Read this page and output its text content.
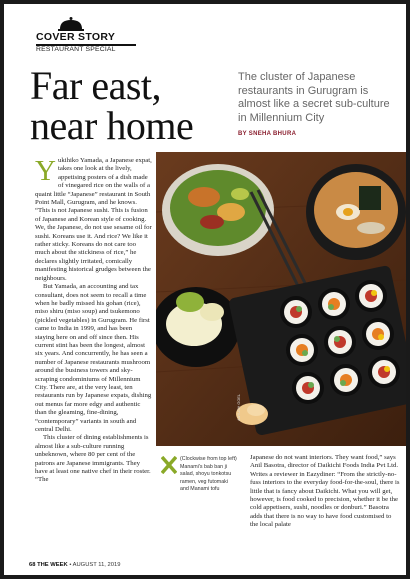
COVER STORY
RESTAURANT SPECIAL
Far east,
near home
The cluster of Japanese restaurants in Gurugram is almost like a secret sub-culture in Millennium City
BY SNEHA BHURA

Yukihiko Yamada, a Japanese expat, takes one look at the lively, appetising posters of a dish made of vinegared rice on the walls of a quaint little “Japanese” restaurant in South Point Mall, Gurugram, and he knows. “This is not Japanese sushi. This is fusion of Japanese and Korean style of cooking. We, the Japanese, do not use sesame oil for sushi. Koreans use it. And rice? We like it rather sticky. Koreans do not care too much about the stickiness of rice,” he declares slightly irritated, comically manifesting historical grudges between the neighbours.

But Yamada, an accounting and tax consultant, does not seem to recall a time when he badly missed his gohan (rice), miso shiru (miso soup) and tsukemono (pickled vegetables) in Gurugram. He first came to India in 1999, and has been staying here on and off since then. His current stint has been the longest, almost six years. And concurrently, he has seen a number of Japanese restaurants mushroom around the business towers and sky-scraping condominiums of Millennium City. There are, at the very least, ten restaurants run by Japanese expats, dishing out menus far more edgy and authentic than the gleaming, fine-dining, “contemporary” variants in south and central Delhi.

This cluster of dining establishments is almost like a sub-culture running unbeknown, where 80 per cent of the patrons are Japanese immigrants. They have at least one native chef in their roster. “The

AAYUSH GOEL
(Clockwise from top left) Manami's bab ban ji salad, shoyu tonkotsu ramen, veg futomaki and Manami tofu

Japanese do not want interiors. They want food,” says Anil Basotra, director of Daikichi Foods India Pvt Ltd. Writes a reviewer in Eazydiner: “From the strictly-no-fuss interiors to the everyday food-for-the-soul, there is little that is fancy about Daikichi. What you will get, however, is food cooked to precision, whether it be the cold appetisers, sushi, noodles or donburi.” Basotra adds that there is no way to have food customised to the local palate

68 THE WEEK • AUGUST 11, 2019
